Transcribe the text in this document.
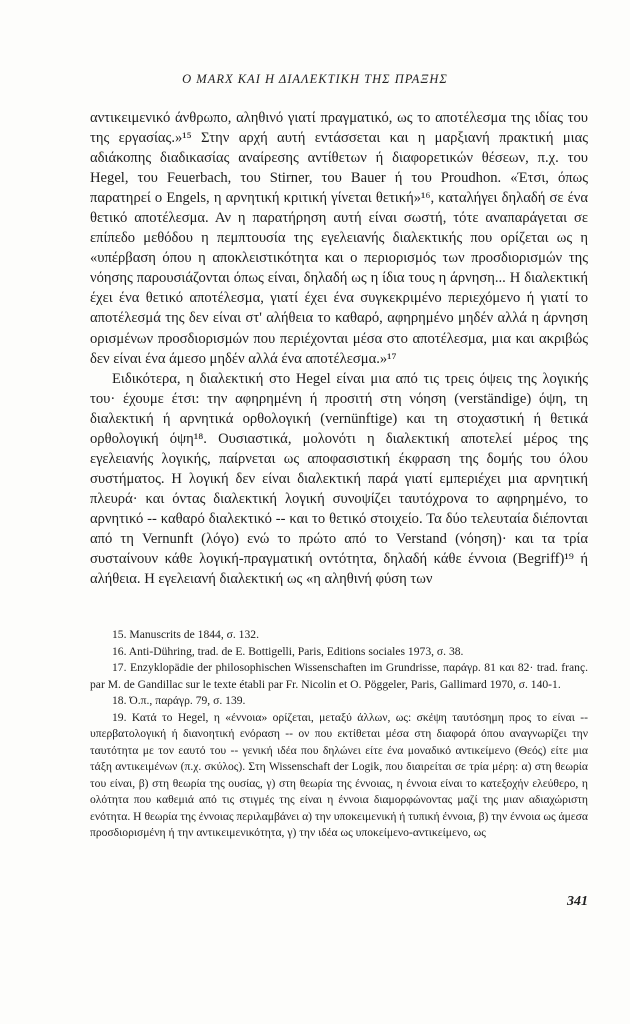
Ο MARX ΚΑΙ Η ΔΙΑΛΕΚΤΙΚΗ ΤΗΣ ΠΡΑΞΗΣ

αντικειμενικό άνθρωπο, αληθινό γιατί πραγματικό, ως το αποτέλεσμα της ιδίας του της εργασίας.»¹⁵ Στην αρχή αυτή εντάσσεται και η μαρξιανή πρακτική μιας αδιάκοπης διαδικασίας αναίρεσης αντίθετων ή διαφορετικών θέσεων, π.χ. του Hegel, του Feuerbach, του Stirner, του Bauer ή του Proudhon. «Έτσι, όπως παρατηρεί ο Engels, η αρνητική κριτική γίνεται θετική»¹⁶, καταλήγει δηλαδή σε ένα θετικό αποτέλεσμα. Αν η παρατήρηση αυτή είναι σωστή, τότε αναπαράγεται σε επίπεδο μεθόδου η πεμπτουσία της εγελειανής διαλεκτικής που ορίζεται ως η «υπέρβαση όπου η αποκλειστικότητα και ο περιορισμός των προσδιορισμών της νόησης παρουσιάζονται όπως είναι, δηλαδή ως η ίδια τους η άρνηση... Η διαλεκτική έχει ένα θετικό αποτέλεσμα, γιατί έχει ένα συγκεκριμένο περιεχόμενο ή γιατί το αποτέλεσμά της δεν είναι στ' αλήθεια το καθαρό, αφηρημένο μηδέν αλλά η άρνηση ορισμένων προσδιορισμών που περιέχονται μέσα στο αποτέλεσμα, μια και ακριβώς δεν είναι ένα άμεσο μηδέν αλλά ένα αποτέλεσμα.»¹⁷

Ειδικότερα, η διαλεκτική στο Hegel είναι μια από τις τρεις όψεις της λογικής του· έχουμε έτσι: την αφηρημένη ή προσιτή στη νόηση (verständige) όψη, τη διαλεκτική ή αρνητικά ορθολογική (vernünftige) και τη στοχαστική ή θετικά ορθολογική όψη¹⁸. Ουσιαστικά, μολονότι η διαλεκτική αποτελεί μέρος της εγελειανής λογικής, παίρνεται ως αποφασιστική έκφραση της δομής του όλου συστήματος. Η λογική δεν είναι διαλεκτική παρά γιατί εμπεριέχει μια αρνητική πλευρά· και όντας διαλεκτική λογική συνοψίζει ταυτόχρονα το αφηρημένο, το αρνητικό -- καθαρό διαλεκτικό -- και το θετικό στοιχείο. Τα δύο τελευταία διέπονται από τη Vernunft (λόγο) ενώ το πρώτο από το Verstand (νόηση)· και τα τρία συσταίνουν κάθε λογική-πραγματική οντότητα, δηλαδή κάθε έννοια (Begriff)¹⁹ ή αλήθεια. Η εγελειανή διαλεκτική ως «η αληθινή φύση των

15. Manuscrits de 1844, σ. 132.

16. Anti-Dühring, trad. de E. Bottigelli, Paris, Editions sociales 1973, σ. 38.

17. Enzyklopädie der philosophischen Wissenschaften im Grundrisse, παράγρ. 81 και 82· trad. franç. par M. de Gandillac sur le texte établi par Fr. Nicolin et O. Pöggeler, Paris, Gallimard 1970, σ. 140-1.

18. Ό.π., παράγρ. 79, σ. 139.

19. Κατά το Hegel, η «έννοια» ορίζεται, μεταξύ άλλων, ως: σκέψη ταυτόσημη προς το είναι -- υπερβατολογική ή διανοητική ενόραση -- ον που εκτίθεται μέσα στη διαφορά όπου αναγνωρίζει την ταυτότητα με τον εαυτό του -- γενική ιδέα που δηλώνει είτε ένα μοναδικό αντικείμενο (Θεός) είτε μια τάξη αντικειμένων (π.χ. σκύλος). Στη Wissenschaft der Logik, που διαιρείται σε τρία μέρη: α) στη θεωρία του είναι, β) στη θεωρία της ουσίας, γ) στη θεωρία της έννοιας, η έννοια είναι το κατεξοχήν ελεύθερο, η ολότητα που καθεμιά από τις στιγμές της είναι η έννοια διαμορφώνοντας μαζί της μιαν αδιαχώριστη ενότητα. Η θεωρία της έννοιας περιλαμβάνει α) την υποκειμενική ή τυπική έννοια, β) την έννοια ως άμεσα προσδιορισμένη ή την αντικειμενικότητα, γ) την ιδέα ως υποκείμενο-αντικείμενο, ως

341
